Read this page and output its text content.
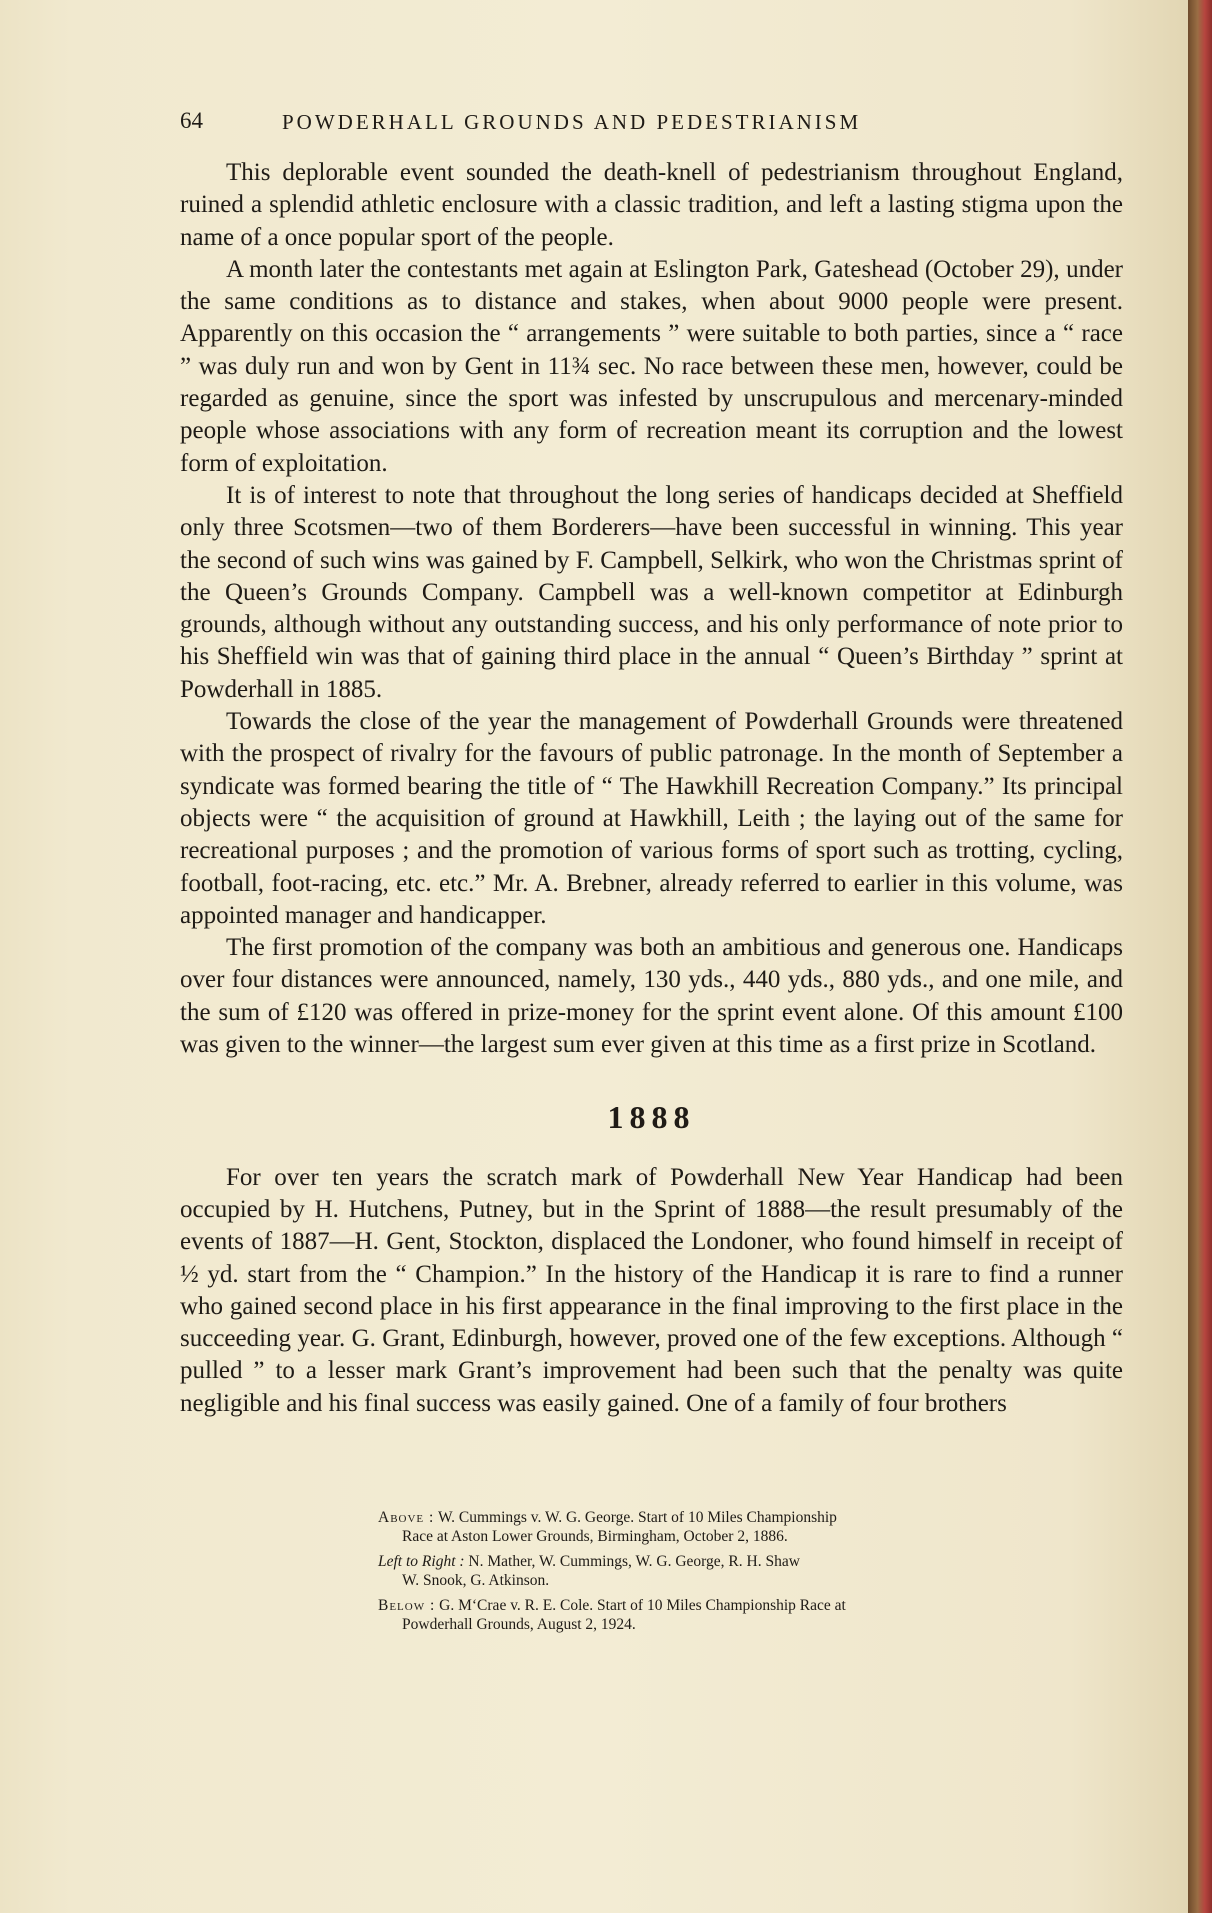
64	POWDERHALL GROUNDS AND PEDESTRIANISM

This deplorable event sounded the death-knell of pedestrianism throughout England, ruined a splendid athletic enclosure with a classic tradition, and left a lasting stigma upon the name of a once popular sport of the people.

A month later the contestants met again at Eslington Park, Gateshead (October 29), under the same conditions as to distance and stakes, when about 9000 people were present. Apparently on this occasion the “ arrangements ” were suitable to both parties, since a “ race ” was duly run and won by Gent in 11¾ sec. No race between these men, however, could be regarded as genuine, since the sport was infested by unscrupulous and mercenary-minded people whose associations with any form of recreation meant its corruption and the lowest form of exploitation.

It is of interest to note that throughout the long series of handicaps decided at Sheffield only three Scotsmen—two of them Borderers—have been successful in winning. This year the second of such wins was gained by F. Campbell, Selkirk, who won the Christmas sprint of the Queen’s Grounds Company. Campbell was a well-known competitor at Edinburgh grounds, although without any outstanding success, and his only performance of note prior to his Sheffield win was that of gaining third place in the annual “ Queen’s Birthday ” sprint at Powderhall in 1885.

Towards the close of the year the management of Powderhall Grounds were threatened with the prospect of rivalry for the favours of public patronage. In the month of September a syndicate was formed bearing the title of “ The Hawkhill Recreation Company.” Its principal objects were “ the acquisition of ground at Hawkhill, Leith ; the laying out of the same for recreational purposes ; and the promotion of various forms of sport such as trotting, cycling, football, foot-racing, etc. etc.” Mr. A. Brebner, already referred to earlier in this volume, was appointed manager and handicapper.

The first promotion of the company was both an ambitious and generous one. Handicaps over four distances were announced, namely, 130 yds., 440 yds., 880 yds., and one mile, and the sum of £120 was offered in prize-money for the sprint event alone. Of this amount £100 was given to the winner—the largest sum ever given at this time as a first prize in Scotland.

1888

For over ten years the scratch mark of Powderhall New Year Handicap had been occupied by H. Hutchens, Putney, but in the Sprint of 1888—the result presumably of the events of 1887—H. Gent, Stockton, displaced the Londoner, who found himself in receipt of ½ yd. start from the “ Champion.” In the history of the Handicap it is rare to find a runner who gained second place in his first appearance in the final improving to the first place in the succeeding year. G. Grant, Edinburgh, however, proved one of the few exceptions. Although “ pulled ” to a lesser mark Grant’s improvement had been such that the penalty was quite negligible and his final success was easily gained. One of a family of four brothers

Above : W. Cummings v. W. G. George. Start of 10 Miles Championship
Race at Aston Lower Grounds, Birmingham, October 2, 1886.
Left to Right : N. Mather, W. Cummings, W. G. George, R. H. Shaw
W. Snook, G. Atkinson.
Below : G. M‘Crae v. R. E. Cole. Start of 10 Miles Championship Race at
Powderhall Grounds, August 2, 1924.
